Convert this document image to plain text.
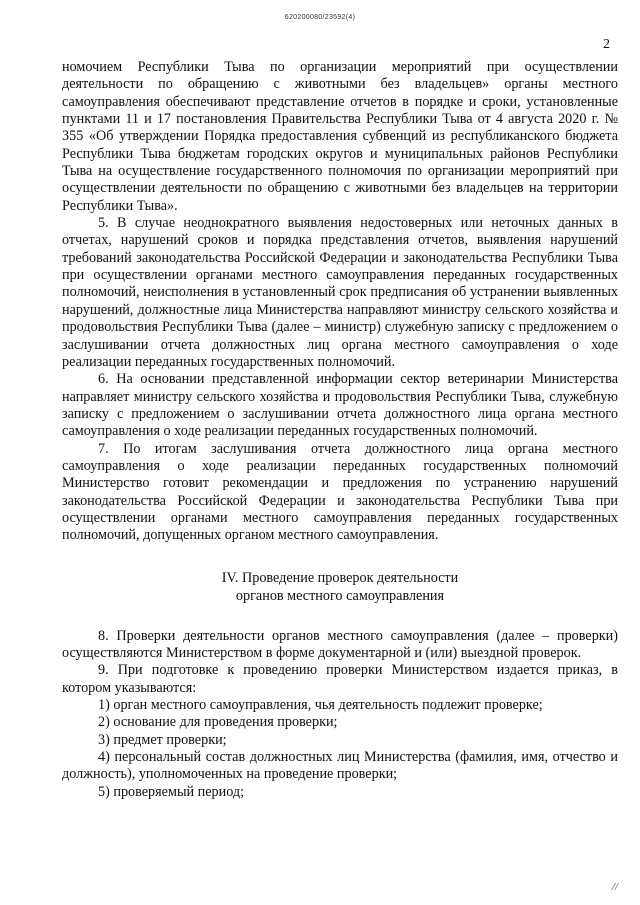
620200080/23592(4)
2

номочием Республики Тыва по организации мероприятий при осуществлении деятельности по обращению с животными без владельцев» органы местного самоуправления обеспечивают представление отчетов в порядке и сроки, установленные пунктами 11 и 17 постановления Правительства Республики Тыва от 4 августа 2020 г. № 355 «Об утверждении Порядка предоставления субвенций из республиканского бюджета Республики Тыва бюджетам городских округов и муниципальных районов Республики Тыва на осуществление государственного полномочия по организации мероприятий при осуществлении деятельности по обращению с животными без владельцев на территории Республики Тыва».

5. В случае неоднократного выявления недостоверных или неточных данных в отчетах, нарушений сроков и порядка представления отчетов, выявления нарушений требований законодательства Российской Федерации и законодательства Республики Тыва при осуществлении органами местного самоуправления переданных государственных полномочий, неисполнения в установленный срок предписания об устранении выявленных нарушений, должностные лица Министерства направляют министру сельского хозяйства и продовольствия Республики Тыва (далее – министр) служебную записку с предложением о заслушивании отчета должностных лиц органа местного самоуправления о ходе реализации переданных государственных полномочий.

6. На основании представленной информации сектор ветеринарии Министерства направляет министру сельского хозяйства и продовольствия Республики Тыва, служебную записку с предложением о заслушивании отчета должностного лица органа местного самоуправления о ходе реализации переданных государственных полномочий.

7. По итогам заслушивания отчета должностного лица органа местного самоуправления о ходе реализации переданных государственных полномочий Министерство готовит рекомендации и предложения по устранению нарушений законодательства Российской Федерации и законодательства Республики Тыва при осуществлении органами местного самоуправления переданных государственных полномочий, допущенных органом местного самоуправления.

IV. Проведение проверок деятельности
органов местного самоуправления

8. Проверки деятельности органов местного самоуправления (далее – проверки) осуществляются Министерством в форме документарной и (или) выездной проверок.

9. При подготовке к проведению проверки Министерством издается приказ, в котором указываются:

1) орган местного самоуправления, чья деятельность подлежит проверке;

2) основание для проведения проверки;

3) предмет проверки;

4) персональный состав должностных лиц Министерства (фамилия, имя, отчество и должность), уполномоченных на проведение проверки;

5) проверяемый период;

//
